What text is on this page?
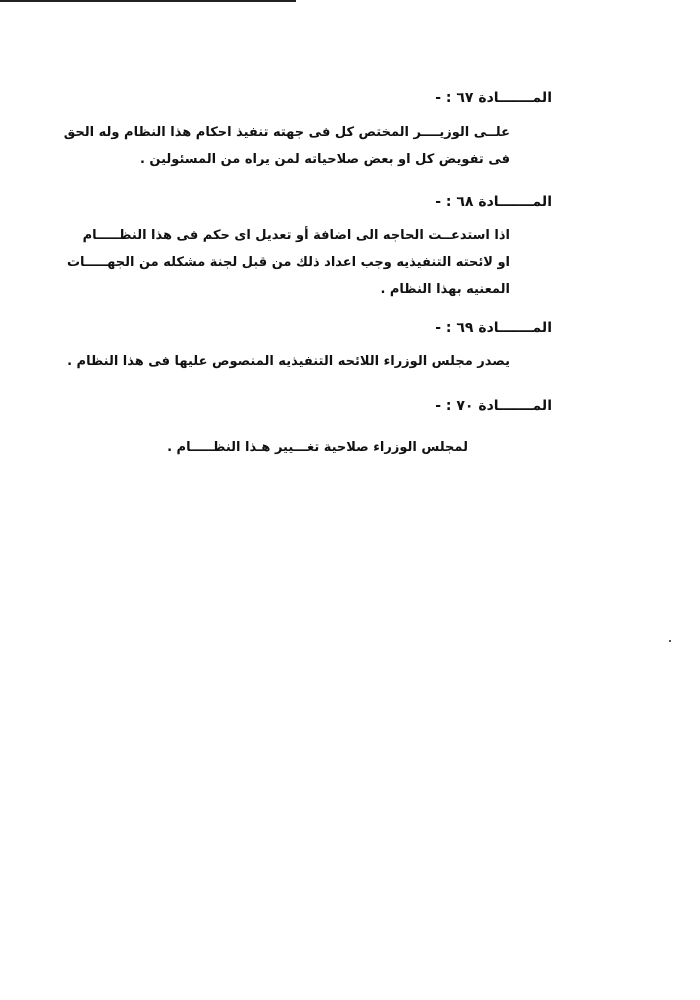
المـــــــادة ٦٧ : -
علــى الوزيــــر المختص كل فى جهته تنفيذ احكام هذا النظام وله الحق
فى تفويض كل او بعض صلاحياته لمن يراه من المسئولين .
المـــــــادة ٦٨ : -
اذا استدعــت الحاجه الى اضافة أو تعديل اى حكم فى هذا النظـــــام
او لائحته التنفيذيه وجب اعداد ذلك من قبل لجنة مشكله من الجهـــــات
المعنيه بهذا النظام .
المـــــــادة ٦٩ : -
يصدر مجلس الوزراء اللائحه التنفيذيه المنصوص عليها فى هذا النظام .
المـــــــادة ٧٠ : -
لمجلس الوزراء صلاحية تغـــيير هـذا النظـــــام .
